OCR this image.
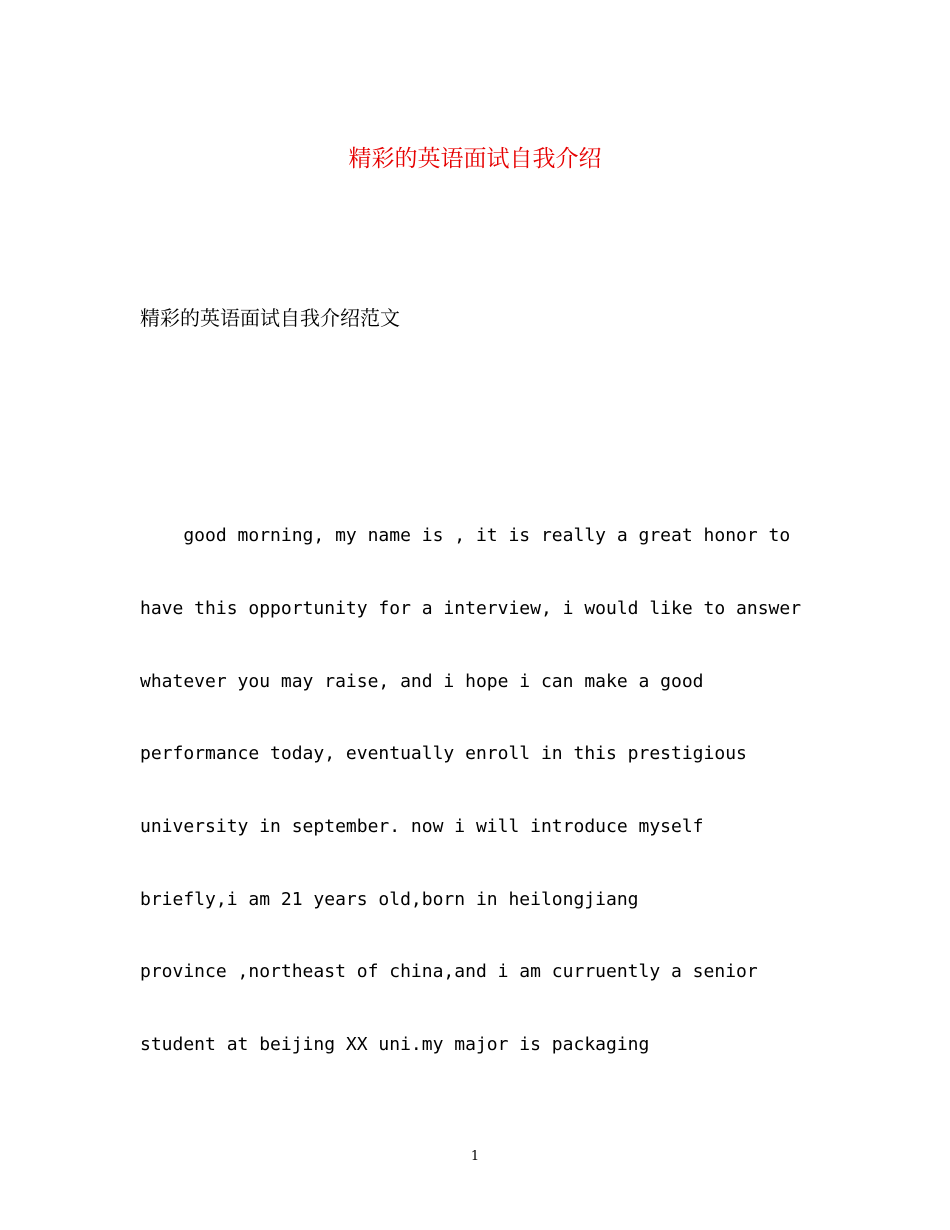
精彩的英语面试自我介绍
精彩的英语面试自我介绍范文
good morning, my name is , it is really a great honor to
have this opportunity for a interview, i would like to answer
whatever you may raise, and i hope i can make a good
performance today, eventually enroll in this prestigious
university in september. now i will introduce myself
briefly,i am 21 years old,born in heilongjiang
province ,northeast of china,and i am curruently a senior
student at beijing XX uni.my major is packaging
1
